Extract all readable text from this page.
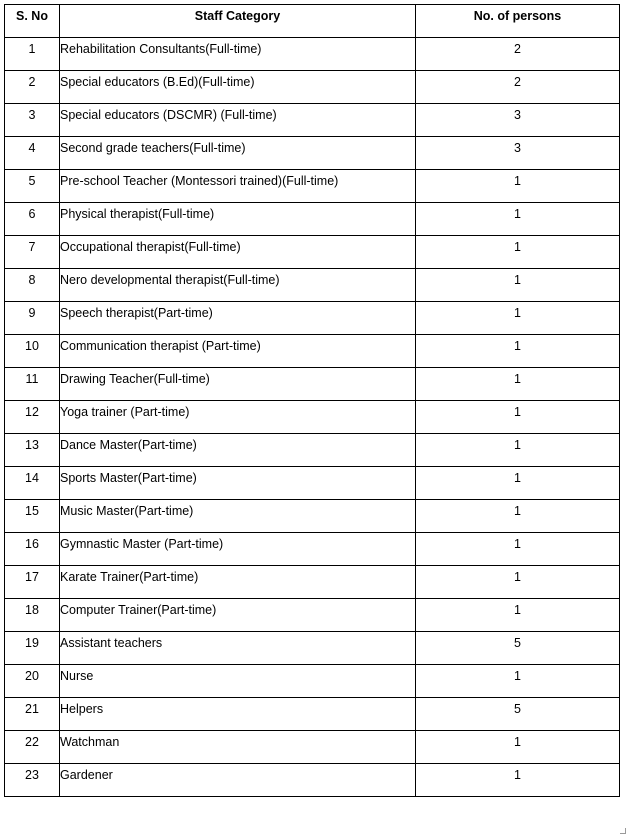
S. No	Staff Category	No. of persons
1	Rehabilitation Consultants(Full-time)	2
2	Special educators (B.Ed)(Full-time)	2
3	Special educators (DSCMR) (Full-time)	3
4	Second grade teachers(Full-time)	3
5	Pre-school Teacher (Montessori trained)(Full-time)	1
6	Physical therapist(Full-time)	1
7	Occupational therapist(Full-time)	1
8	Nero developmental therapist(Full-time)	1
9	Speech therapist(Part-time)	1
10	Communication therapist (Part-time)	1
11	Drawing Teacher(Full-time)	1
12	Yoga trainer (Part-time)	1
13	Dance Master(Part-time)	1
14	Sports Master(Part-time)	1
15	Music Master(Part-time)	1
16	Gymnastic Master (Part-time)	1
17	Karate Trainer(Part-time)	1
18	Computer Trainer(Part-time)	1
19	Assistant teachers	5
20	Nurse	1
21	Helpers	5
22	Watchman	1
23	Gardener	1
